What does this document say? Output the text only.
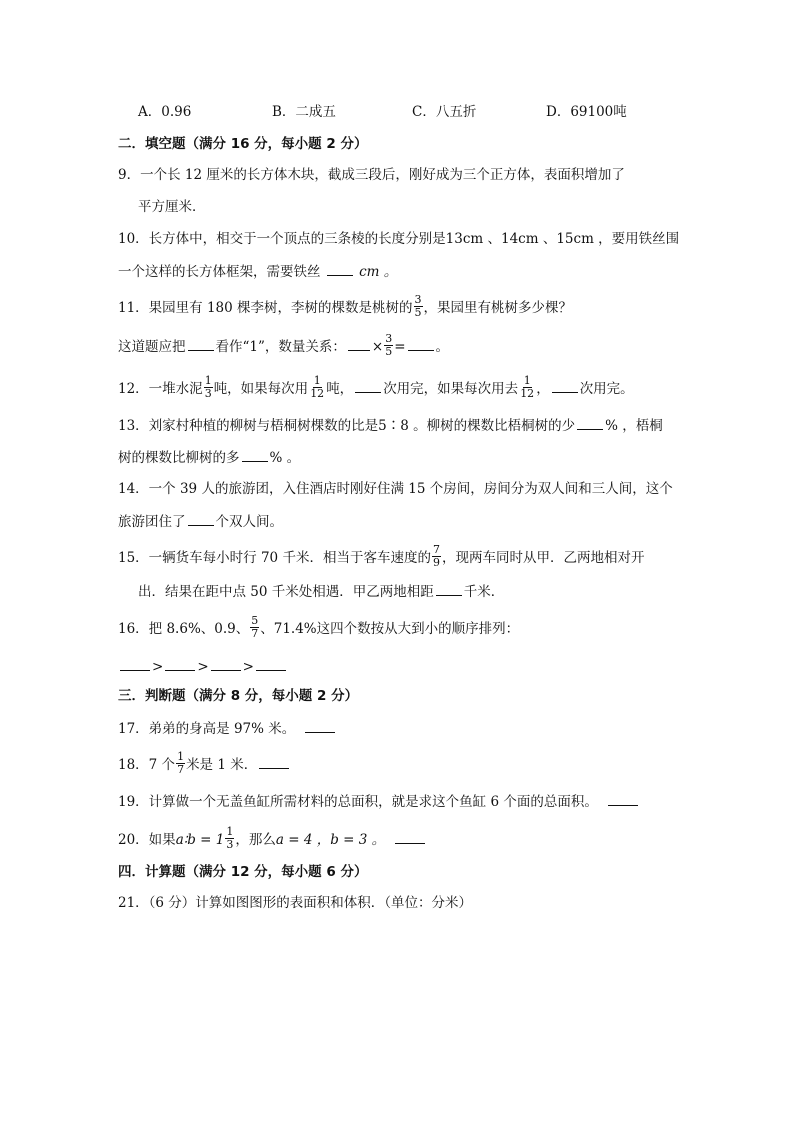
A．0.96	B．二成五	C．八五折	D．69100吨
二．填空题（满分 16 分，每小题 2 分）
9．一个长 12 厘米的长方体木块，截成三段后，刚好成为三个正方体，表面积增加了
平方厘米．
10．长方体中，相交于一个顶点的三条棱的长度分别是13cm 、14cm 、15cm ，要用铁丝围
一个这样的长方体框架，需要铁丝	cm 。
11．果园里有 180 棵李树，李树的棵数是桃树的 $\frac{3}{5}$ ，果园里有桃树多少棵？
这道题应把 看作“1”，数量关系： × $\frac{3}{5}$ = 。
12．一堆水泥 $\frac{1}{3}$ 吨，如果每次用 $\frac{1}{12}$ 吨， 次用完，如果每次用去 $\frac{1}{12}$ ， 次用完。
13．刘家村种植的柳树与梧桐树棵数的比是5∶8 。柳树的棵数比梧桐树的少 % ，梧桐
树的棵数比柳树的多 % 。
14．一个 39 人的旅游团，入住酒店时刚好住满 15 个房间，房间分为双人间和三人间，这个
旅游团住了 个双人间。
15．一辆货车每小时行 70 千米．相当于客车速度的 $\frac{7}{9}$ ，现两车同时从甲．乙两地相对开
出．结果在距中点 50 千米处相遇．甲乙两地相距 千米．
16．把 8.6%、0.9、 $\frac{5}{7}$ 、71.4%这四个数按从大到小的顺序排列：
>	>	>
三．判断题（满分 8 分，每小题 2 分）
17．弟弟的身高是 97% 米。
18．7 个 $\frac{1}{7}$ 米是 1 米．
19．计算做一个无盖鱼缸所需材料的总面积，就是求这个鱼缸 6 个面的总面积。
20．如果a∶b = $1 \frac{1}{3}$ ，那么a = 4 ，b = 3 。
四．计算题（满分 12 分，每小题 6 分）
21．（6 分）计算如图图形的表面积和体积．（单位：分米）
